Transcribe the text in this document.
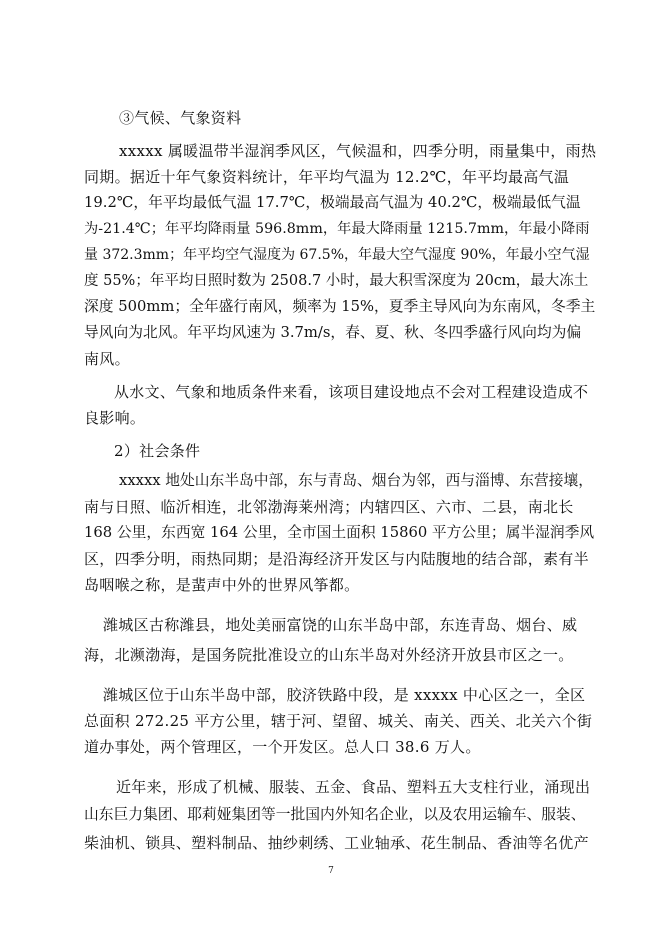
③气候、气象资料
xxxxx 属暖温带半湿润季风区，气候温和，四季分明，雨量集中，雨热
同期。据近十年气象资料统计，年平均气温为 12.2℃，年平均最高气温
19.2℃，年平均最低气温 17.7℃，极端最高气温为 40.2℃，极端最低气温
为-21.4℃；年平均降雨量 596.8mm，年最大降雨量 1215.7mm，年最小降雨
量 372.3mm；年平均空气湿度为 67.5%，年最大空气湿度 90%，年最小空气湿
度 55%；年平均日照时数为 2508.7 小时，最大积雪深度为 20cm，最大冻土
深度 500mm；全年盛行南风，频率为 15%，夏季主导风向为东南风，冬季主
导风向为北风。年平均风速为 3.7m/s，春、夏、秋、冬四季盛行风向均为偏
南风。
从水文、气象和地质条件来看，该项目建设地点不会对工程建设造成不
良影响。
2）社会条件
xxxxx 地处山东半岛中部，东与青岛、烟台为邻，西与淄博、东营接壤，
南与日照、临沂相连，北邻渤海莱州湾；内辖四区、六市、二县，南北长
168 公里，东西宽 164 公里，全市国土面积 15860 平方公里；属半湿润季风
区，四季分明，雨热同期；是沿海经济开发区与内陆腹地的结合部，素有半
岛咽喉之称，是蜚声中外的世界风筝都。
潍城区古称潍县，地处美丽富饶的山东半岛中部，东连青岛、烟台、威
海，北濒渤海，是国务院批准设立的山东半岛对外经济开放县市区之一。
潍城区位于山东半岛中部，胶济铁路中段，是 xxxxx 中心区之一，全区
总面积 272.25 平方公里，辖于河、望留、城关、南关、西关、北关六个街
道办事处，两个管理区，一个开发区。总人口 38.6 万人。
近年来，形成了机械、服装、五金、食品、塑料五大支柱行业，涌现出
山东巨力集团、耶莉娅集团等一批国内外知名企业，以及农用运输车、服装、
柴油机、锁具、塑料制品、抽纱刺绣、工业轴承、花生制品、香油等名优产
7
